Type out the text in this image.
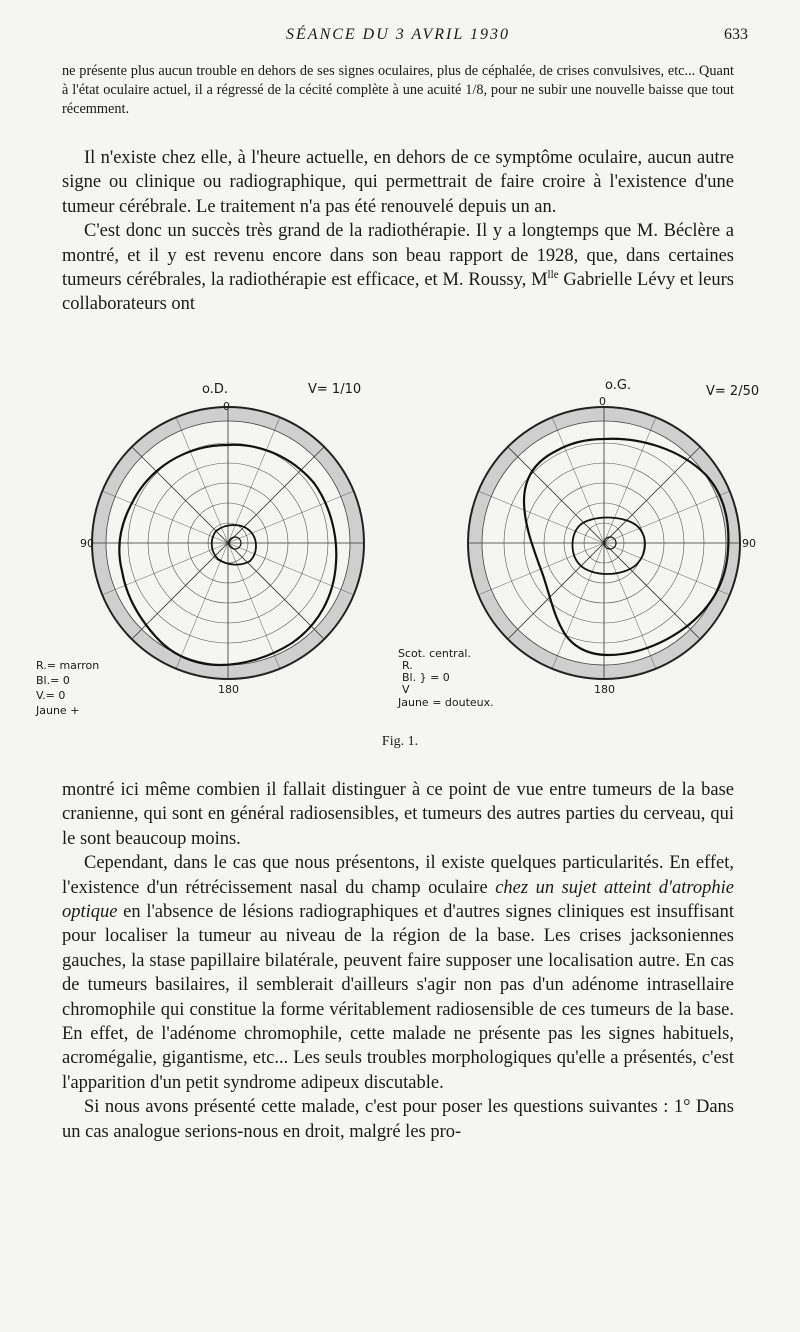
SÉANCE DU 3 AVRIL 1930	633

ne présente plus aucun trouble en dehors de ses signes oculaires, plus de céphalée, de crises convulsives, etc... Quant à l'état oculaire actuel, il a régressé de la cécité complète à une acuité 1/8, pour ne subir une nouvelle baisse que tout récemment.

Il n'existe chez elle, à l'heure actuelle, en dehors de ce symptôme oculaire, aucun autre signe ou clinique ou radiographique, qui permettrait de faire croire à l'existence d'une tumeur cérébrale. Le traitement n'a pas été renouvelé depuis un an.

C'est donc un succès très grand de la radiothérapie. Il y a longtemps que M. Béclère a montré, et il y est revenu encore dans son beau rapport de 1928, que, dans certaines tumeurs cérébrales, la radiothérapie est efficace, et M. Roussy, $M^{lle}$ Gabrielle Lévy et leurs collaborateurs ont

o.D.	V= 1/10
0
180
90
o.G.	V= 2/50
0
180
90
R.= marron
Bl.= 0
V.= 0
Jaune +
Scot. central.
R.
Bl. } = 0
V
Jaune = douteux.
Fig. 1.

montré ici même combien il fallait distinguer à ce point de vue entre tumeurs de la base cranienne, qui sont en général radiosensibles, et tumeurs des autres parties du cerveau, qui le sont beaucoup moins.

Cependant, dans le cas que nous présentons, il existe quelques particularités. En effet, l'existence d'un rétrécissement nasal du champ oculaire chez un sujet atteint d'atrophie optique en l'absence de lésions radiographiques et d'autres signes cliniques est insuffisant pour localiser la tumeur au niveau de la région de la base. Les crises jacksoniennes gauches, la stase papillaire bilatérale, peuvent faire supposer une localisation autre. En cas de tumeurs basilaires, il semblerait d'ailleurs s'agir non pas d'un adénome intrasellaire chromophile qui constitue la forme véritablement radiosensible de ces tumeurs de la base. En effet, de l'adénome chromophile, cette malade ne présente pas les signes habituels, acromégalie, gigantisme, etc... Les seuls troubles morphologiques qu'elle a présentés, c'est l'apparition d'un petit syndrome adipeux discutable.

Si nous avons présenté cette malade, c'est pour poser les questions suivantes : 1° Dans un cas analogue serions-nous en droit, malgré les pro-
